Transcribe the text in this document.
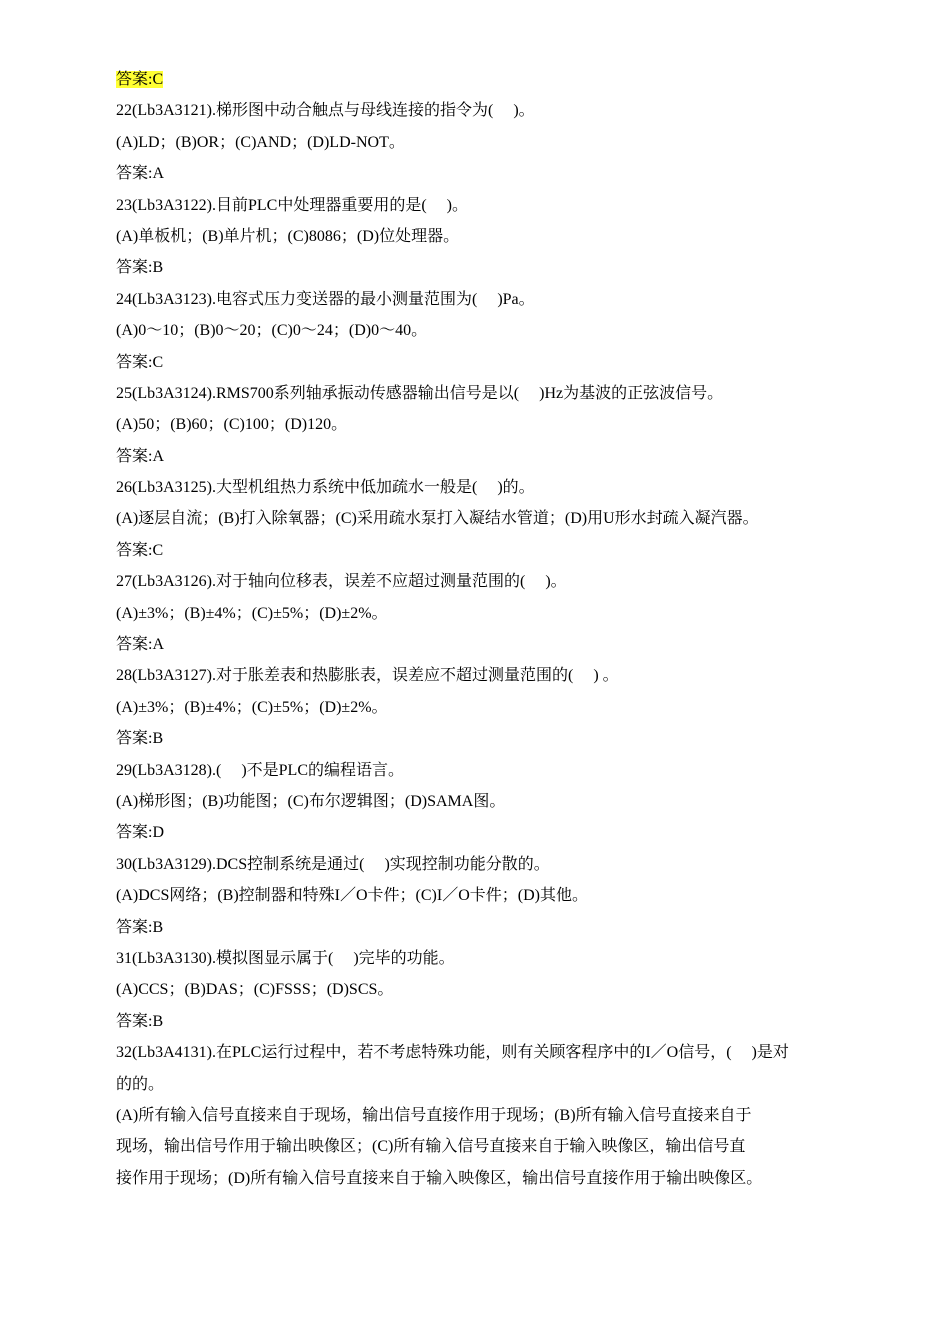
答案:C
22(Lb3A3121).梯形图中动合触点与母线连接的指令为(　 )。
(A)LD；(B)OR；(C)AND；(D)LD-NOT。
答案:A
23(Lb3A3122).目前PLC中处理器重要用的是(　 )。
(A)单板机；(B)单片机；(C)8086；(D)位处理器。
答案:B
24(Lb3A3123).电容式压力变送器的最小测量范围为(　 )Pa。
(A)0～10；(B)0～20；(C)0～24；(D)0～40。
答案:C
25(Lb3A3124).RMS700系列轴承振动传感器输出信号是以(　 )Hz为基波的正弦波信号。
(A)50；(B)60；(C)100；(D)120。
答案:A
26(Lb3A3125).大型机组热力系统中低加疏水一般是(　 )的。
(A)逐层自流；(B)打入除氧器；(C)采用疏水泵打入凝结水管道；(D)用U形水封疏入凝汽器。
答案:C
27(Lb3A3126).对于轴向位移表，误差不应超过测量范围的(　 )。
(A)±3%；(B)±4%；(C)±5%；(D)±2%。
答案:A
28(Lb3A3127).对于胀差表和热膨胀表，误差应不超过测量范围的(　 ) 。
(A)±3%；(B)±4%；(C)±5%；(D)±2%。
答案:B
29(Lb3A3128).(　 )不是PLC的编程语言。
(A)梯形图；(B)功能图；(C)布尔逻辑图；(D)SAMA图。
答案:D
30(Lb3A3129).DCS控制系统是通过(　 )实现控制功能分散的。
(A)DCS网络；(B)控制器和特殊I／O卡件；(C)I／O卡件；(D)其他。
答案:B
31(Lb3A3130).模拟图显示属于(　 )完毕的功能。
(A)CCS；(B)DAS；(C)FSSS；(D)SCS。
答案:B
32(Lb3A4131).在PLC运行过程中，若不考虑特殊功能，则有关顾客程序中的I／O信号，(　 )是对
的的。
(A)所有输入信号直接来自于现场，输出信号直接作用于现场；(B)所有输入信号直接来自于
现场，输出信号作用于输出映像区；(C)所有输入信号直接来自于输入映像区，输出信号直
接作用于现场；(D)所有输入信号直接来自于输入映像区，输出信号直接作用于输出映像区。
